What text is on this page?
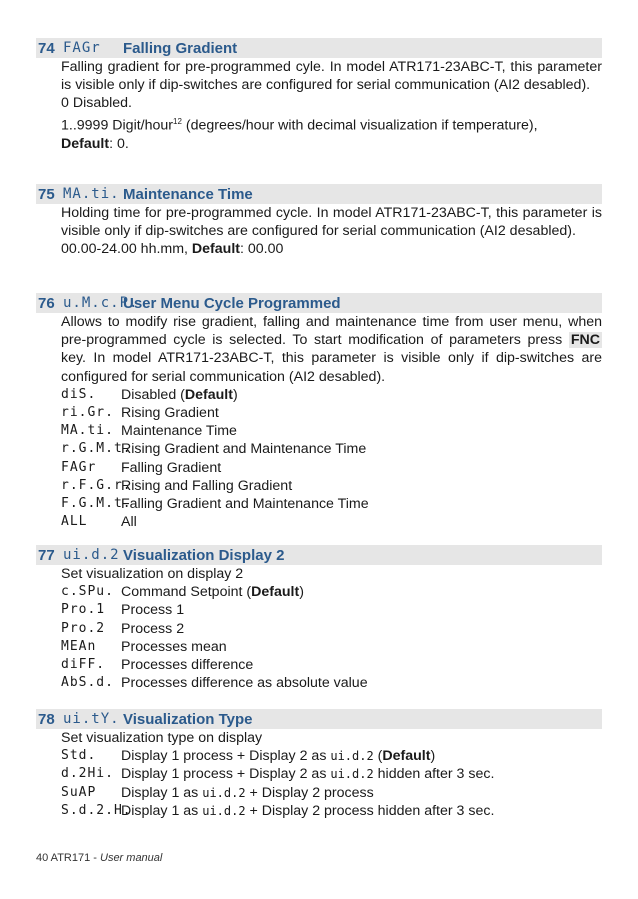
74 FAGr	Falling Gradient

Falling gradient for pre-programmed cyle. In model ATR171-23ABC-T, this parameter is visible only if dip-switches are configured for serial communication (AI2 desabled).

0 Disabled.

1..9999 Digit/hour$^{12}$ (degrees/hour with decimal visualization if temperature),

Default: 0.

75 MA.ti. Maintenance Time

Holding time for pre-programmed cycle. In model ATR171-23ABC-T, this parameter is visible only if dip-switches are configured for serial communication (AI2 desabled).

00.00-24.00 hh.mm, Default: 00.00

76 u.M.c.P.
User Menu Cycle Programmed

Allows to modify rise gradient, falling and maintenance time from user menu, when pre-programmed cycle is selected. To start modification of parameters press FNC key. In model ATR171-23ABC-T, this parameter is visible only if dip-switches are configured for serial communication (AI2 desabled).

diS.	Disabled (Default)
ri.Gr. Rising Gradient
MA.ti. Maintenance Time
r.G.M.t.
Rising Gradient and Maintenance Time
FAGr	Falling Gradient
r.F.G.r.
Rising and Falling Gradient
F.G.M.t.
Falling Gradient and Maintenance Time
ALL	All
77 ui.d.2 Visualization Display 2

Set visualization on display 2

c.SPu. Command Setpoint (Default)
Pro.1	Process 1
Pro.2	Process 2
MEAn	Processes mean
diFF.	Processes difference
AbS.d. Processes difference as absolute value
78 ui.tY. Visualization Type

Set visualization type on display

Std.	Display 1 process + Display 2 as ui.d.2 (Default)
d.2Hi. Display 1 process + Display 2 as ui.d.2 hidden after 3 sec.
SuAP	Display 1 as ui.d.2 + Display 2 process
S.d.2.H.
Display 1 as ui.d.2 + Display 2 process hidden after 3 sec.
40 ATR171 - User manual
